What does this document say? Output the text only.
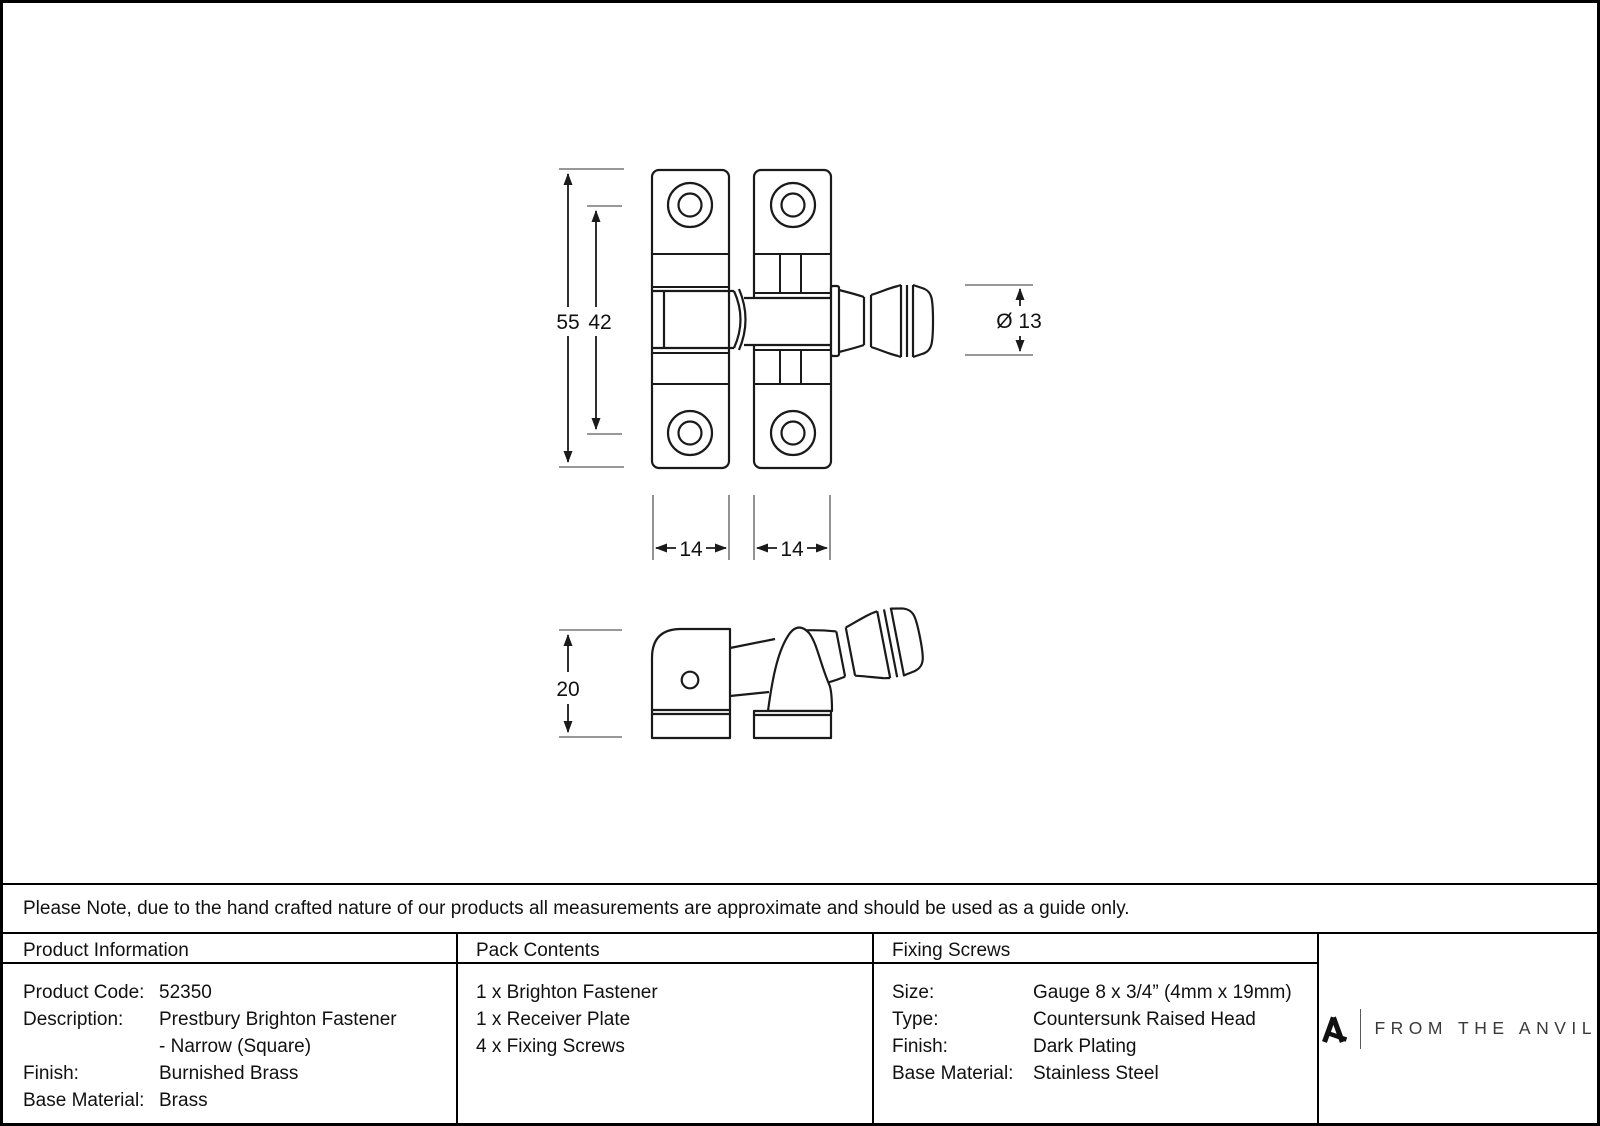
55 42
14	14
Ø 13
20
Please Note, due to the hand crafted nature of our products all measurements are approximate and should be used as a guide only.
Product Information	Pack Contents	Fixing Screws
Product Code: 52350
Description: Prestbury Brighton Fastener
- Narrow (Square)
Finish:	Burnished Brass
Base Material: Brass
1 x Brighton Fastener
1 x Receiver Plate
4 x Fixing Screws
Size:	Gauge 8 x 3/4” (4mm x 19mm)
Type:	Countersunk Raised Head
Finish:	Dark Plating
Base Material: Stainless Steel
FROM THE ANVIL
